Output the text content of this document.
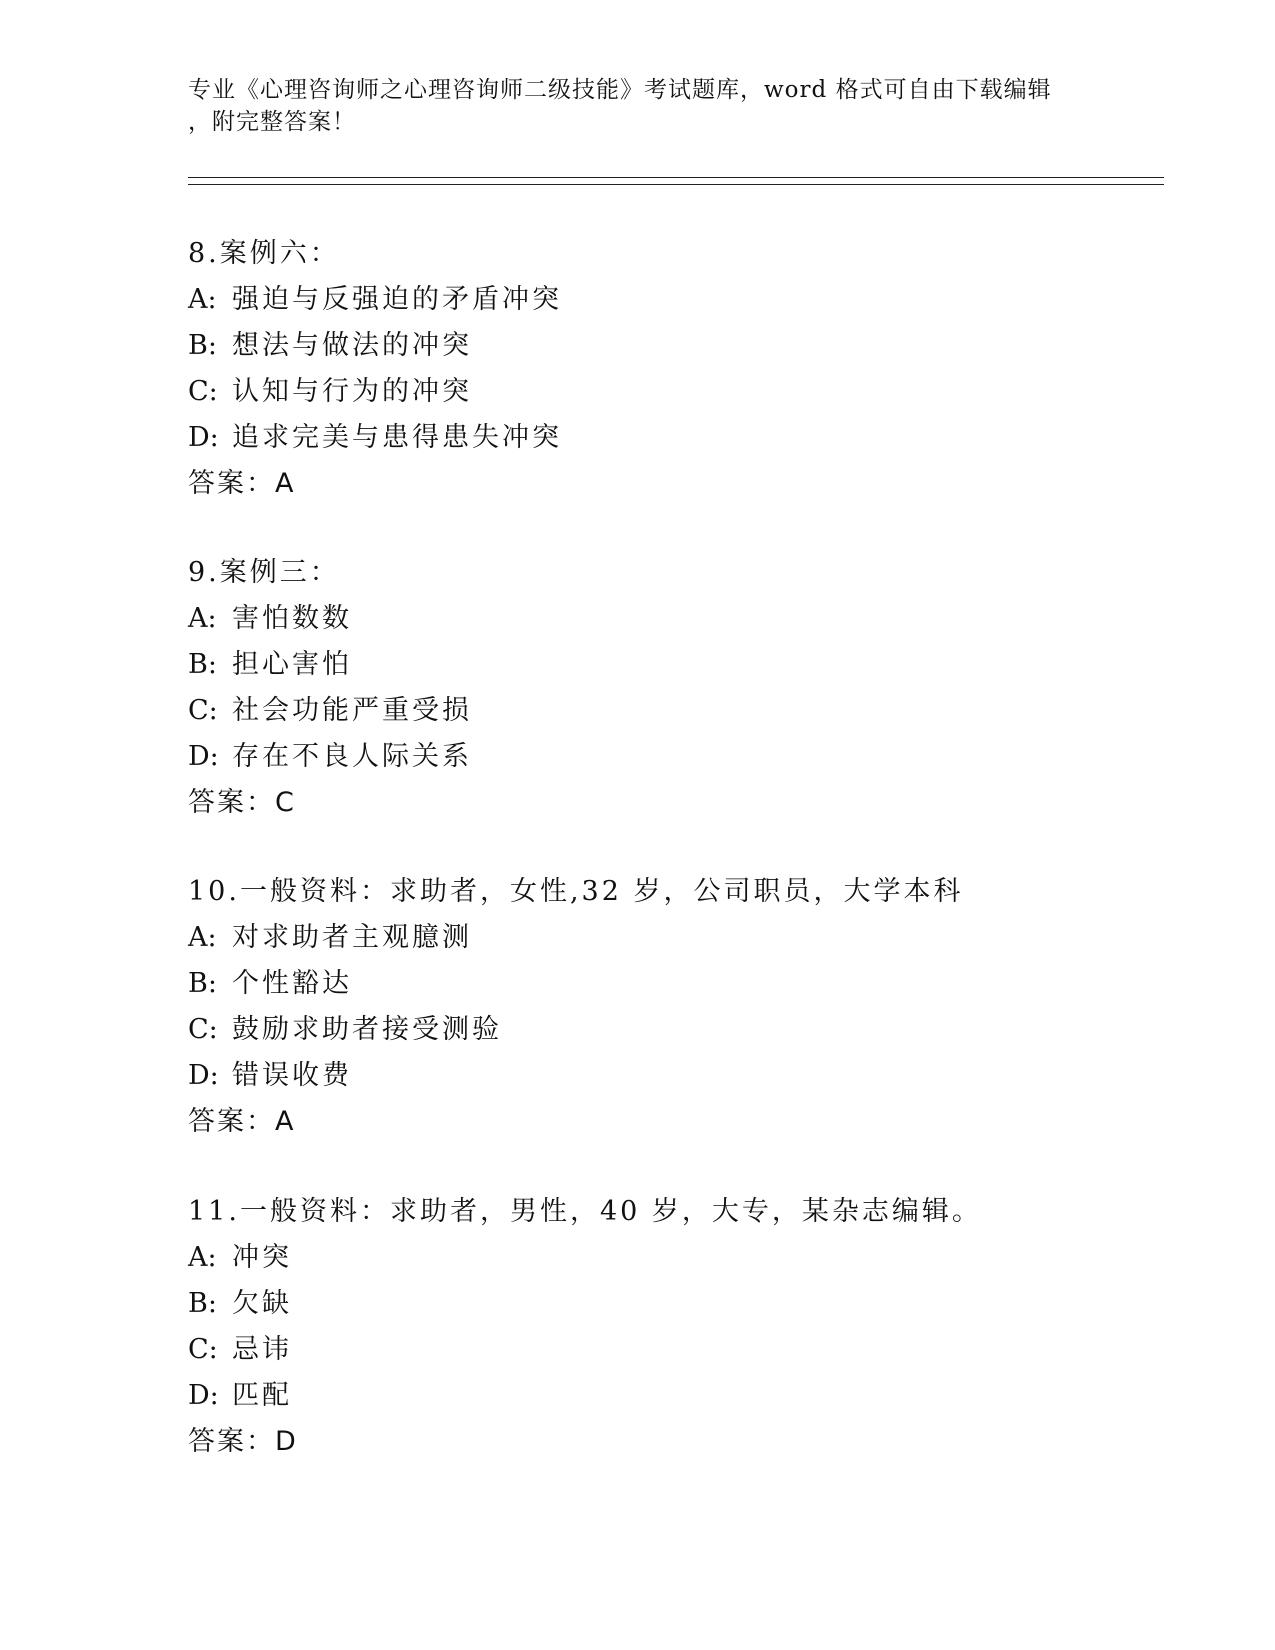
专业《心理咨询师之心理咨询师二级技能》考试题库，word 格式可自由下载编辑
，附完整答案！
8.案例六：
A: 强迫与反强迫的矛盾冲突
B: 想法与做法的冲突
C: 认知与行为的冲突
D: 追求完美与患得患失冲突
答案：A
9.案例三：
A: 害怕数数
B: 担心害怕
C: 社会功能严重受损
D: 存在不良人际关系
答案：C
10.一般资料：求助者，女性,32 岁，公司职员，大学本科
A: 对求助者主观臆测
B: 个性豁达
C: 鼓励求助者接受测验
D: 错误收费
答案：A
11.一般资料：求助者，男性，40 岁，大专，某杂志编辑。
A: 冲突
B: 欠缺
C: 忌讳
D: 匹配
答案：D
